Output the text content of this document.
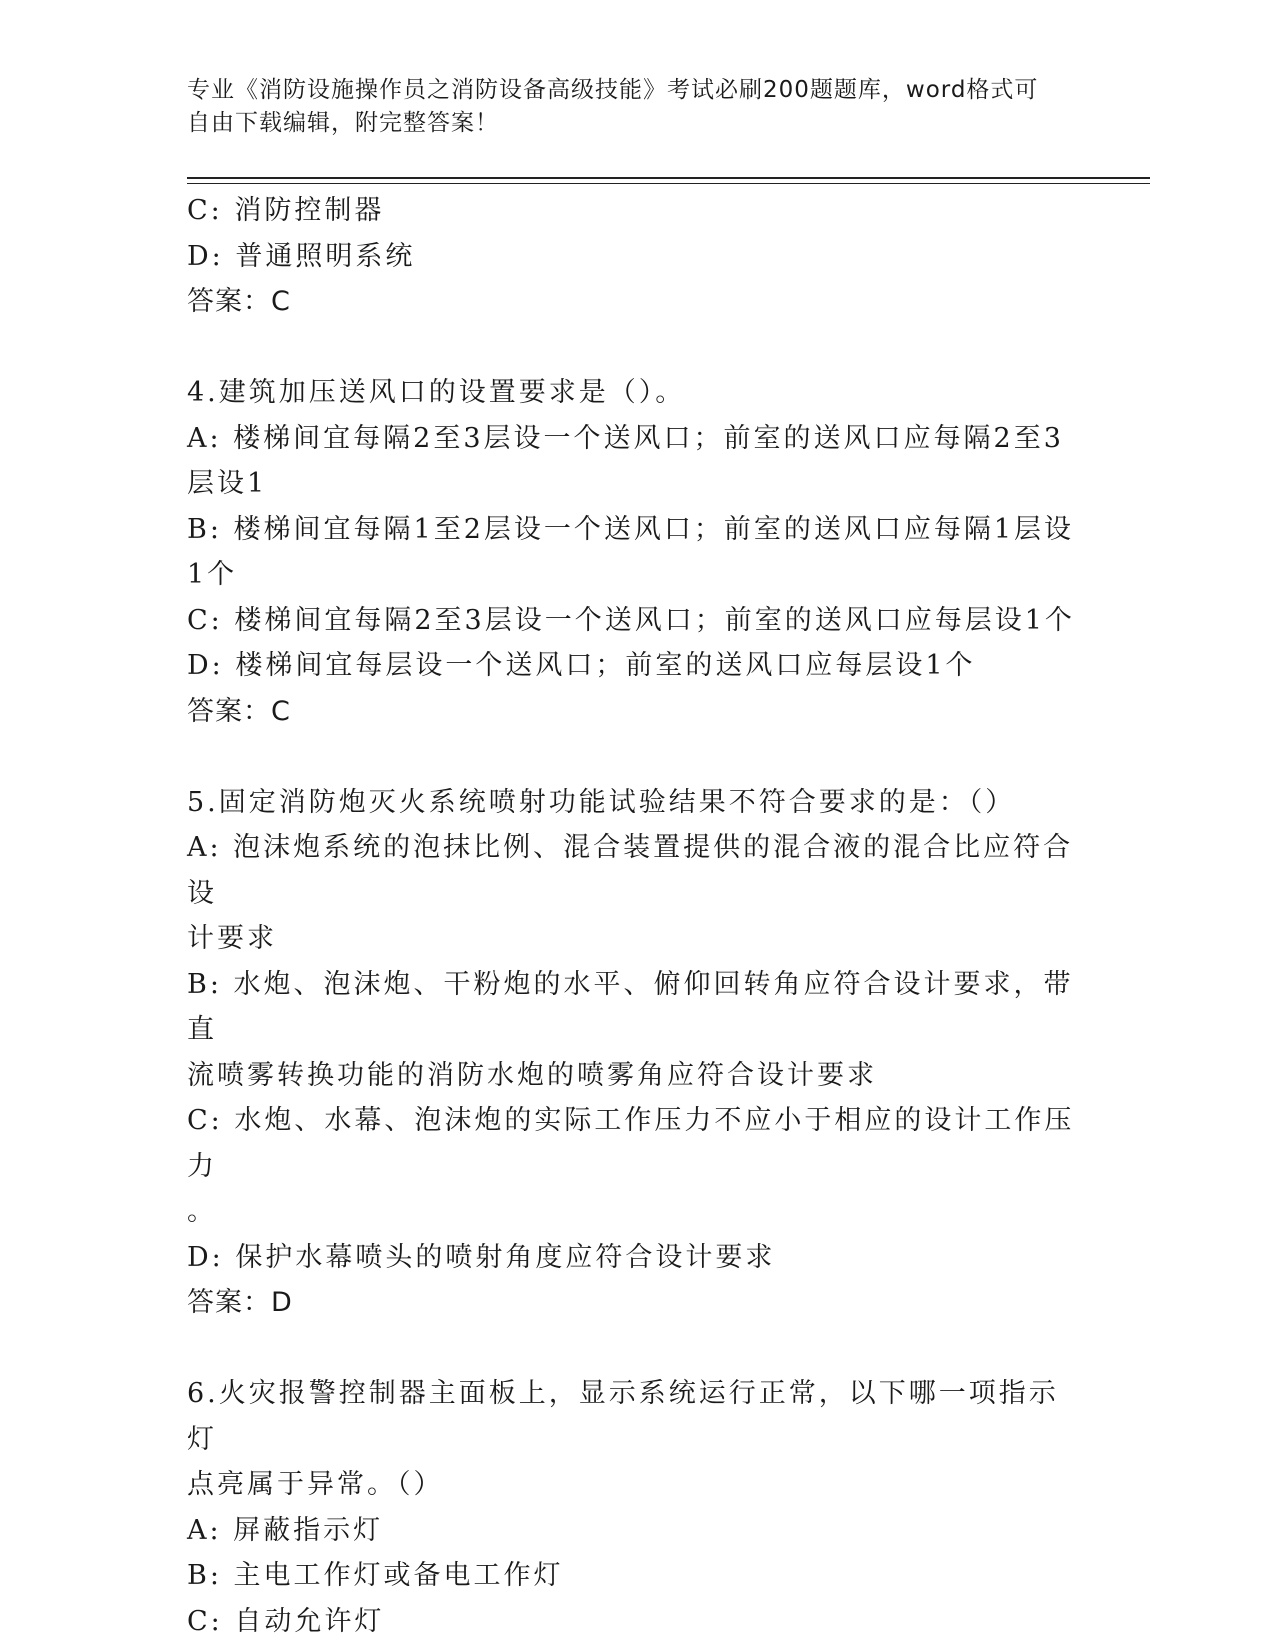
专业《消防设施操作员之消防设备高级技能》考试必刷200题题库，word格式可
自由下载编辑，附完整答案！
C: 消防控制器
D: 普通照明系统
答案：C
4.建筑加压送风口的设置要求是（）。
A: 楼梯间宜每隔2至3层设一个送风口；前室的送风口应每隔2至3
层设1
B: 楼梯间宜每隔1至2层设一个送风口；前室的送风口应每隔1层设
1个
C: 楼梯间宜每隔2至3层设一个送风口；前室的送风口应每层设1个
D: 楼梯间宜每层设一个送风口；前室的送风口应每层设1个
答案：C
5.固定消防炮灭火系统喷射功能试验结果不符合要求的是：（）
A: 泡沫炮系统的泡抹比例、混合装置提供的混合液的混合比应符合设
计要求
B: 水炮、泡沫炮、干粉炮的水平、俯仰回转角应符合设计要求，带直
流喷雾转换功能的消防水炮的喷雾角应符合设计要求
C: 水炮、水幕、泡沫炮的实际工作压力不应小于相应的设计工作压力
。
D: 保护水幕喷头的喷射角度应符合设计要求
答案：D
6.火灾报警控制器主面板上，显示系统运行正常，以下哪一项指示灯
点亮属于异常。（）
A: 屏蔽指示灯
B: 主电工作灯或备电工作灯
C: 自动允许灯
